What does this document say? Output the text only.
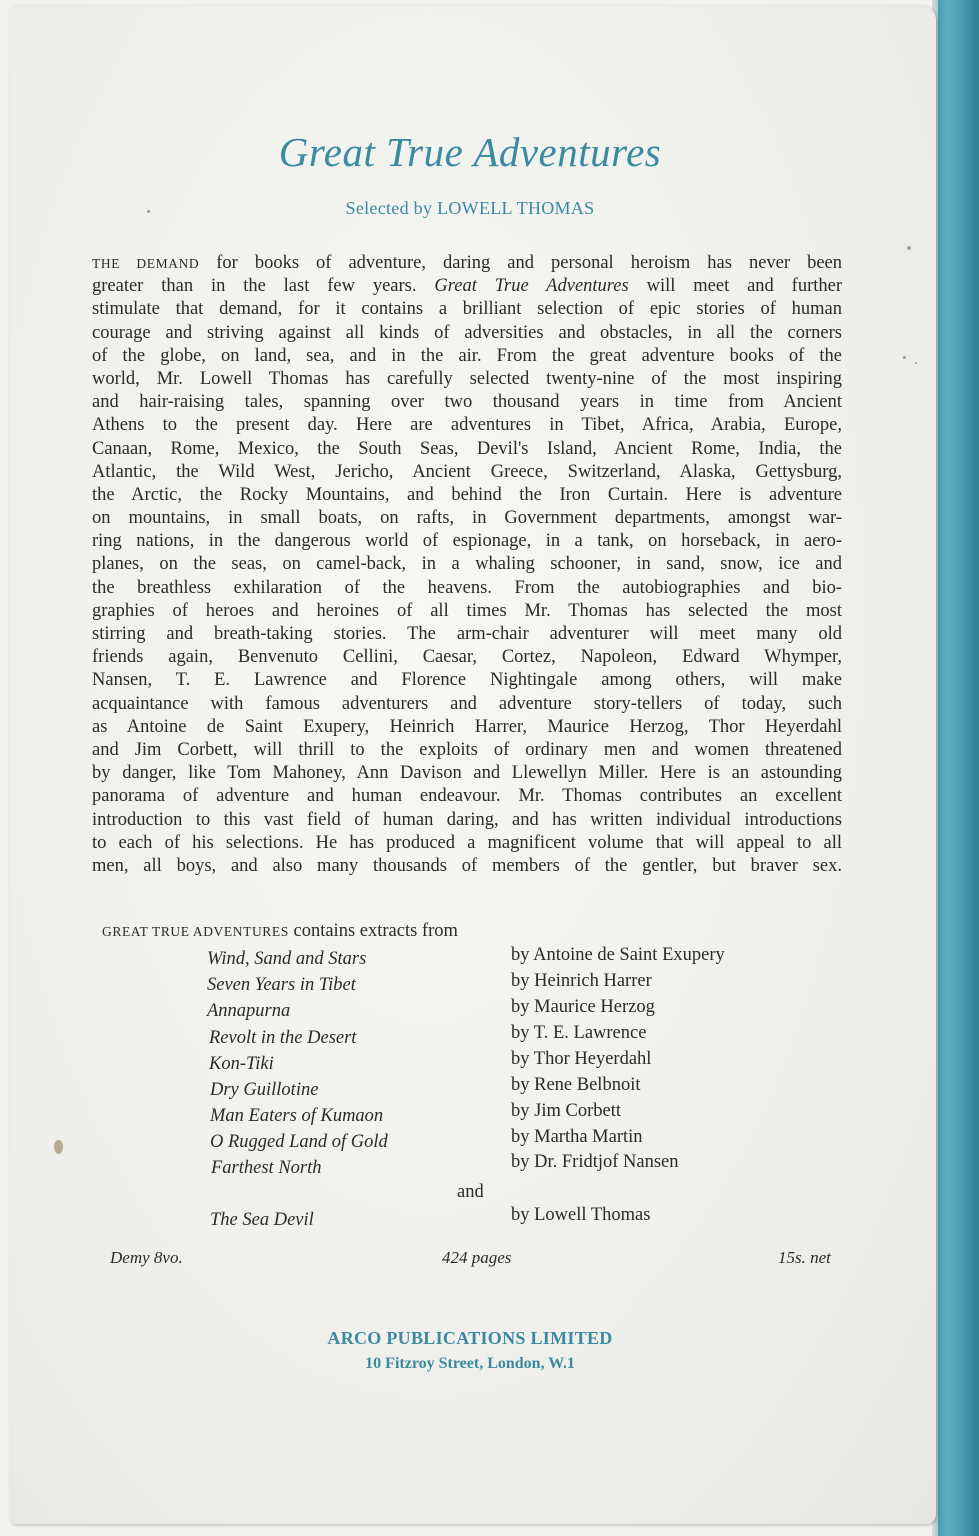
Great True Adventures
Selected by LOWELL THOMAS
THE DEMAND for books of adventure, daring and personal heroism has never been
greater than in the last few years. Great True Adventures will meet and further
stimulate that demand, for it contains a brilliant selection of epic stories of human
courage and striving against all kinds of adversities and obstacles, in all the corners
of the globe, on land, sea, and in the air. From the great adventure books of the
world, Mr. Lowell Thomas has carefully selected twenty-nine of the most inspiring
and hair-raising tales, spanning over two thousand years in time from Ancient
Athens to the present day. Here are adventures in Tibet, Africa, Arabia, Europe,
Canaan, Rome, Mexico, the South Seas, Devil's Island, Ancient Rome, India, the
Atlantic, the Wild West, Jericho, Ancient Greece, Switzerland, Alaska, Gettysburg,
the Arctic, the Rocky Mountains, and behind the Iron Curtain. Here is adventure
on mountains, in small boats, on rafts, in Government departments, amongst war-
ring nations, in the dangerous world of espionage, in a tank, on horseback, in aero-
planes, on the seas, on camel-back, in a whaling schooner, in sand, snow, ice and
the breathless exhilaration of the heavens. From the autobiographies and bio-
graphies of heroes and heroines of all times Mr. Thomas has selected the most
stirring and breath-taking stories. The arm-chair adventurer will meet many old
friends again, Benvenuto Cellini, Caesar, Cortez, Napoleon, Edward Whymper,
Nansen, T. E. Lawrence and Florence Nightingale among others, will make
acquaintance with famous adventurers and adventure story-tellers of today, such
as Antoine de Saint Exupery, Heinrich Harrer, Maurice Herzog, Thor Heyerdahl
and Jim Corbett, will thrill to the exploits of ordinary men and women threatened
by danger, like Tom Mahoney, Ann Davison and Llewellyn Miller. Here is an astounding
panorama of adventure and human endeavour. Mr. Thomas contributes an excellent
introduction to this vast field of human daring, and has written individual introductions
to each of his selections. He has produced a magnificent volume that will appeal to all
men, all boys, and also many thousands of members of the gentler, but braver sex.
GREAT TRUE ADVENTURES contains extracts from
Wind, Sand and Stars	by Antoine de Saint Exupery
Seven Years in Tibet	by Heinrich Harrer
Annapurna	by Maurice Herzog
Revolt in the Desert	by T. E. Lawrence
Kon-Tiki	by Thor Heyerdahl
Dry Guillotine	by Rene Belbnoit
Man Eaters of Kumaon	by Jim Corbett
O Rugged Land of Gold	by Martha Martin
Farthest North	by Dr. Fridtjof Nansen
The Sea Devil	by Lowell Thomas
and
Demy 8vo.	424 pages	15s. net
ARCO PUBLICATIONS LIMITED
10 Fitzroy Street, London, W.1
